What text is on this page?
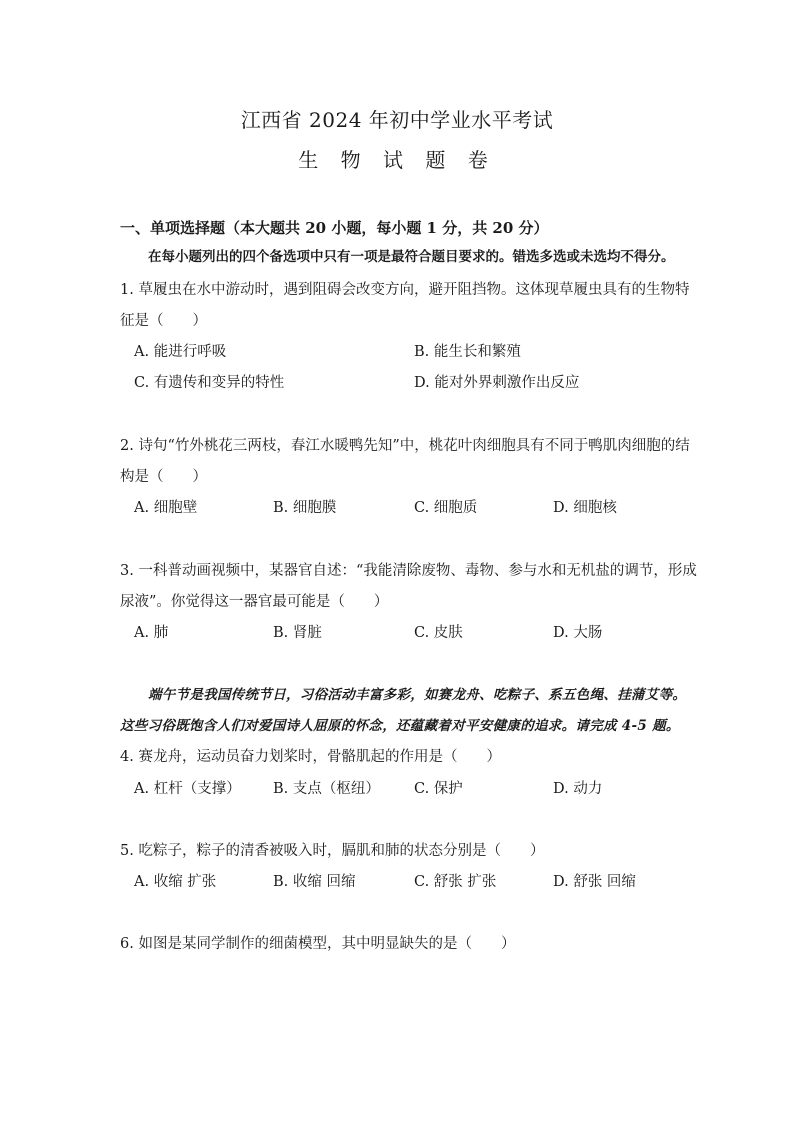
江西省 2024 年初中学业水平考试
生 物 试 题 卷
一、单项选择题（本大题共 20 小题，每小题 1 分，共 20 分）
在每小题列出的四个备选项中只有一项是最符合题目要求的。错选多选或未选均不得分。
1. 草履虫在水中游动时，遇到阻碍会改变方向，避开阻挡物。这体现草履虫具有的生物特
征是（　　）
A. 能进行呼吸	B. 能生长和繁殖
C. 有遗传和变异的特性	D. 能对外界刺激作出反应
2. 诗句“竹外桃花三两枝，春江水暖鸭先知”中，桃花叶肉细胞具有不同于鸭肌肉细胞的结
构是（　　）
A. 细胞壁	B. 细胞膜	C. 细胞质	D. 细胞核
3. 一科普动画视频中，某器官自述：“我能清除废物、毒物、参与水和无机盐的调节，形成
尿液”。你觉得这一器官最可能是（　　）
A. 肺	B. 肾脏	C. 皮肤	D. 大肠
端午节是我国传统节日，习俗活动丰富多彩，如赛龙舟、吃粽子、系五色绳、挂蒲艾等。
这些习俗既饱含人们对爱国诗人屈原的怀念，还蕴藏着对平安健康的追求。请完成 4-5 题。
4. 赛龙舟，运动员奋力划桨时，骨骼肌起的作用是（　　）
A. 杠杆（支撑） B. 支点（枢纽） C. 保护	D. 动力
5. 吃粽子，粽子的清香被吸入时，膈肌和肺的状态分别是（　　）
A. 收缩 扩张	B. 收缩 回缩	C. 舒张 扩张	D. 舒张 回缩
6. 如图是某同学制作的细菌模型，其中明显缺失的是（　　）
